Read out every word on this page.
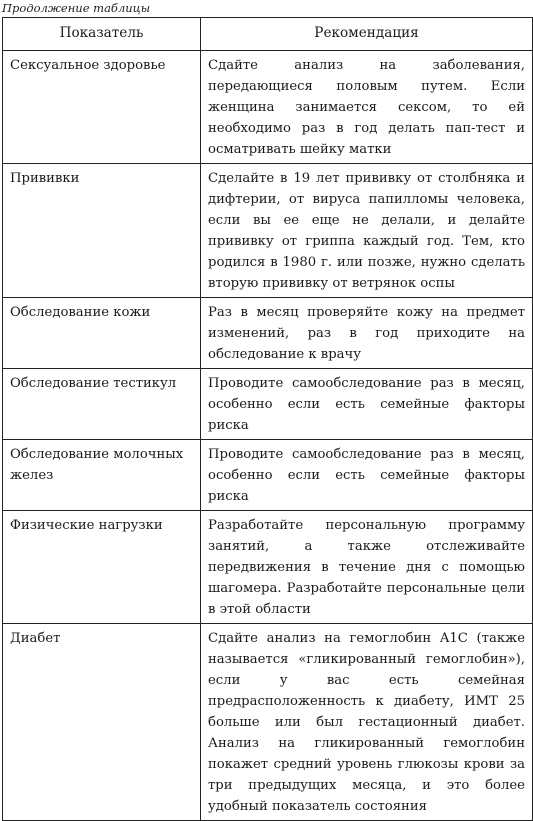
Продолжение таблицы
Показатель	Рекомендация
Сексуальное здоровье	Сдайте анализ на заболевания, передающиеся половым путем. Если женщина занимается сексом, то ей необходимо раз в год делать пап-тест и осматривать шейку матки
Прививки	Сделайте в 19 лет прививку от столбняка и дифтерии, от вируса папилломы человека, если вы ее еще не делали, и делайте прививку от гриппа каждый год. Тем, кто родился в 1980 г. или позже, нужно сделать вторую прививку от ветрянок оспы
Обследование кожи	Раз в месяц проверяйте кожу на предмет изменений, раз в год приходите на обследование к врачу
Обследование тестикул	Проводите самообследование раз в месяц, особенно если есть семейные факторы риска
Обследование молочных желез	Проводите самообследование раз в месяц, особенно если есть семейные факторы риска
Физические нагрузки	Разработайте персональную программу занятий, а также отслеживайте передвижения в течение дня с помощью шагомера. Разработайте персональные цели в этой области
Диабет	Сдайте анализ на гемоглобин A1C (также называется «гликированный гемоглобин»), если у вас есть семейная предрасположенность к диабету, ИМТ 25 больше или был гестационный диабет. Анализ на гликированный гемоглобин покажет средний уровень глюкозы крови за три предыдущих месяца, и это более удобный показатель состояния
